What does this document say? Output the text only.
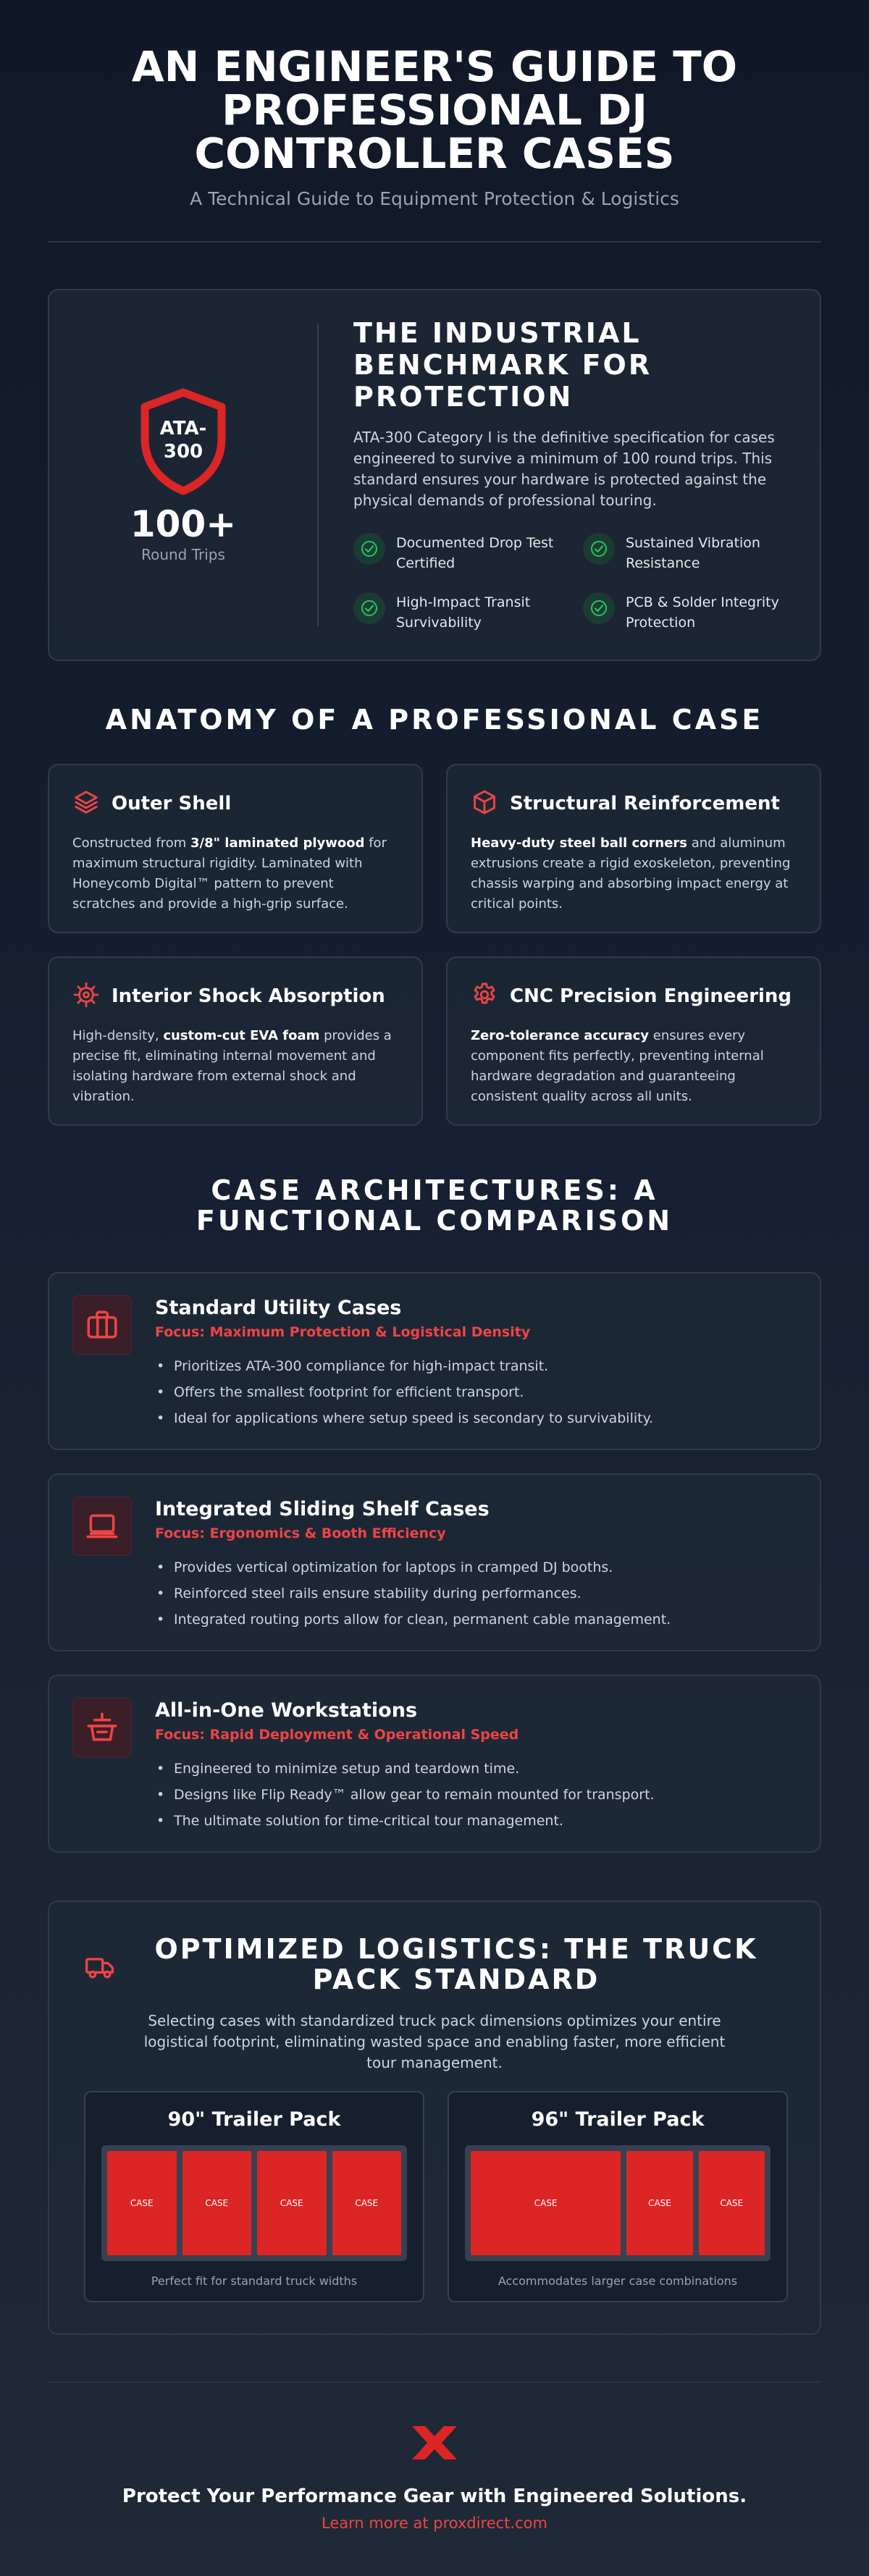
AN ENGINEER'S GUIDE TO PROFESSIONAL DJ CONTROLLER CASES
A Technical Guide to Equipment Protection & Logistics
ATA-
300
100+
Round Trips
THE INDUSTRIAL BENCHMARK FOR PROTECTION

ATA-300 Category I is the definitive specification for cases engineered to survive a minimum of 100 round trips. This standard ensures your hardware is protected against the physical demands of professional touring.

Documented Drop Test Certified
Sustained Vibration Resistance
High-Impact Transit Survivability
PCB & Solder Integrity Protection
ANATOMY OF A PROFESSIONAL CASE
Outer Shell

Constructed from 3/8" laminated plywood for maximum structural rigidity. Laminated with Honeycomb Digital™ pattern to prevent scratches and provide a high-grip surface.

Structural Reinforcement

Heavy-duty steel ball corners and aluminum extrusions create a rigid exoskeleton, preventing chassis warping and absorbing impact energy at critical points.

Interior Shock Absorption

High-density, custom-cut EVA foam provides a precise fit, eliminating internal movement and isolating hardware from external shock and vibration.

CNC Precision Engineering

Zero-tolerance accuracy ensures every component fits perfectly, preventing internal hardware degradation and guaranteeing consistent quality across all units.

CASE ARCHITECTURES: A FUNCTIONAL COMPARISON
Standard Utility Cases
Focus: Maximum Protection & Logistical Density
• Prioritizes ATA-300 compliance for high-impact transit.
• Offers the smallest footprint for efficient transport.
• Ideal for applications where setup speed is secondary to survivability.
Integrated Sliding Shelf Cases
Focus: Ergonomics & Booth Efficiency
• Provides vertical optimization for laptops in cramped DJ booths.
• Reinforced steel rails ensure stability during performances.
• Integrated routing ports allow for clean, permanent cable management.
All-in-One Workstations
Focus: Rapid Deployment & Operational Speed
• Engineered to minimize setup and teardown time.
• Designs like Flip Ready™ allow gear to remain mounted for transport.
• The ultimate solution for time-critical tour management.
OPTIMIZED LOGISTICS: THE TRUCK PACK STANDARD

Selecting cases with standardized truck pack dimensions optimizes your entire logistical footprint, eliminating wasted space and enabling faster, more efficient tour management.

90" Trailer Pack
CASE	CASE	CASE	CASE
Perfect fit for standard truck widths
96" Trailer Pack
CASE	CASE	CASE
Accommodates larger case combinations
Protect Your Performance Gear with Engineered Solutions.
Learn more at proxdirect.com
